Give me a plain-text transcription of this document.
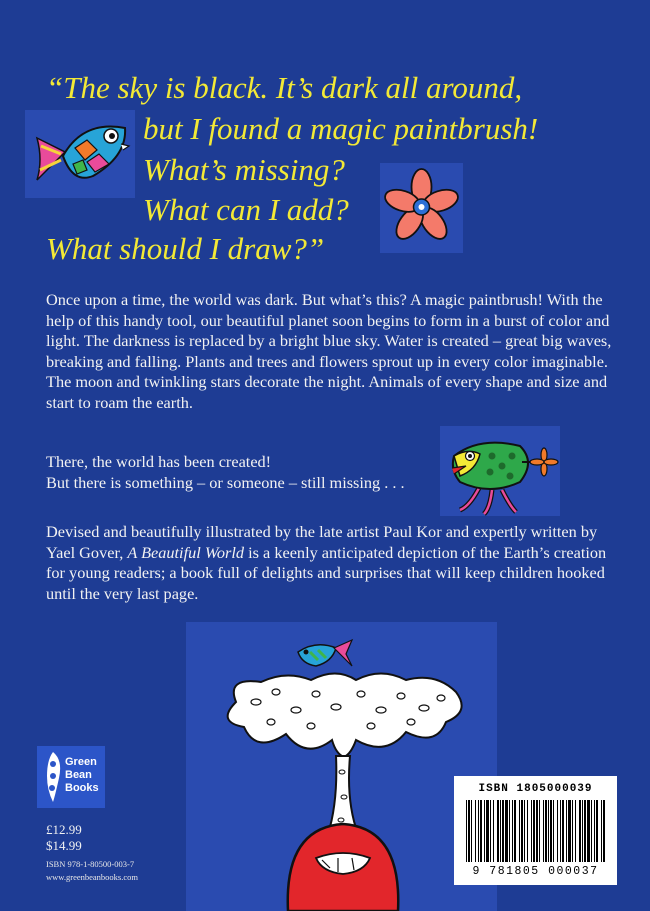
“The sky is black. It’s dark all around,
but I found a magic paintbrush!
What’s missing?
What can I add?
What should I draw?”

Once upon a time, the world was dark. But what’s this? A magic paintbrush! With the help of this handy tool, our beautiful planet soon begins to form in a burst of color and light. The darkness is replaced by a bright blue sky. Water is created – great big waves, breaking and falling. Plants and trees and flowers sprout up in every color imaginable. The moon and twinkling stars decorate the night. Animals of every shape and size and start to roam the earth.

There, the world has been created!
But there is something – or someone – still missing . . .

Devised and beautifully illustrated by the late artist Paul Kor and expertly written by Yael Gover, A Beautiful World is a keenly anticipated depiction of the Earth’s creation for young readers; a book full of delights and surprises that will keep children hooked until the very last page.

Green
Bean
Books
£12.99
$14.99
ISBN 978-1-80500-003-7
www.greenbeanbooks.com
ISBN 1805000039
9 781805 000037
